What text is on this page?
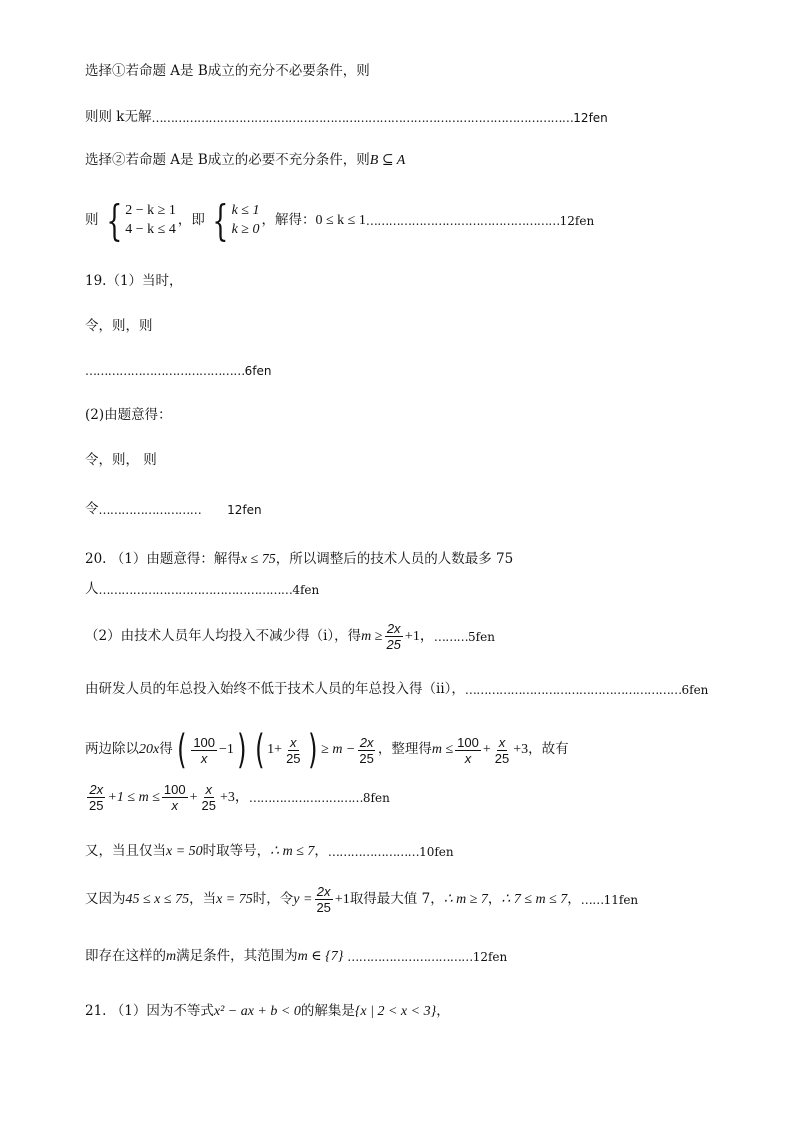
选择①若命题 A是 B成立的充分不必要条件，则
则则 k无解 ………………………………………………………………………………………………… 12fen
选择②若命题 A是 B成立的必要不充分条件，则 B ⊆ A
则 { 2 − k ≥ 1
4 − k ≤ 4
，即 { k ≤ 1
k ≥ 0
，解得： 0 ≤ k ≤ 1 …………………………………………… 12fen
19.（1）当时，
令，则，则
…………………………………… 6fen
(2)由题意得：
令，则， 则
令 ……………………… 12fen
20. （1）由题意得：解得 x ≤ 75 ，所以调整后的技术人员的人数最多 75
人 …………………………………………… 4fen
（2）由技术人员年人均投入不减少得（ⅰ），得 $m \ge \frac{2x}{25} +1$， ……… 5fen
由研发人员的年总投入始终不低于技术人员的年总投入得（ⅱ）， ………………………………………………… 6fen
两边除以 20x 得 ( $\frac{100}{x} -1$ ) ( $1+ \frac{x}{25}$ ) ≥ $m - \frac{2x}{25}$ ，整理得 $m \le \frac{100}{x} + \frac{x}{25} +3$ ，故有
$\frac{2x}{25} +1 \le m \le \frac{100}{x} + \frac{x}{25} +3$， ………………………… 8fen
又，当且仅当 x = 50 时取等号， ∴ m ≤ 7 ， …………………… 10fen
又因为 45 ≤ x ≤ 75 ，当 x = 75 时，令 $y = \frac{2x}{25} +1$ 取得最大值 7， ∴ m ≥ 7 ， ∴ 7 ≤ m ≤ 7 ， …… 11fen
即存在这样的 m 满足条件，其范围为 m ∈ {7} …………………………… 12fen
21. （1）因为不等式 x² − ax + b < 0 的解集是 {x | 2 < x < 3} ，
